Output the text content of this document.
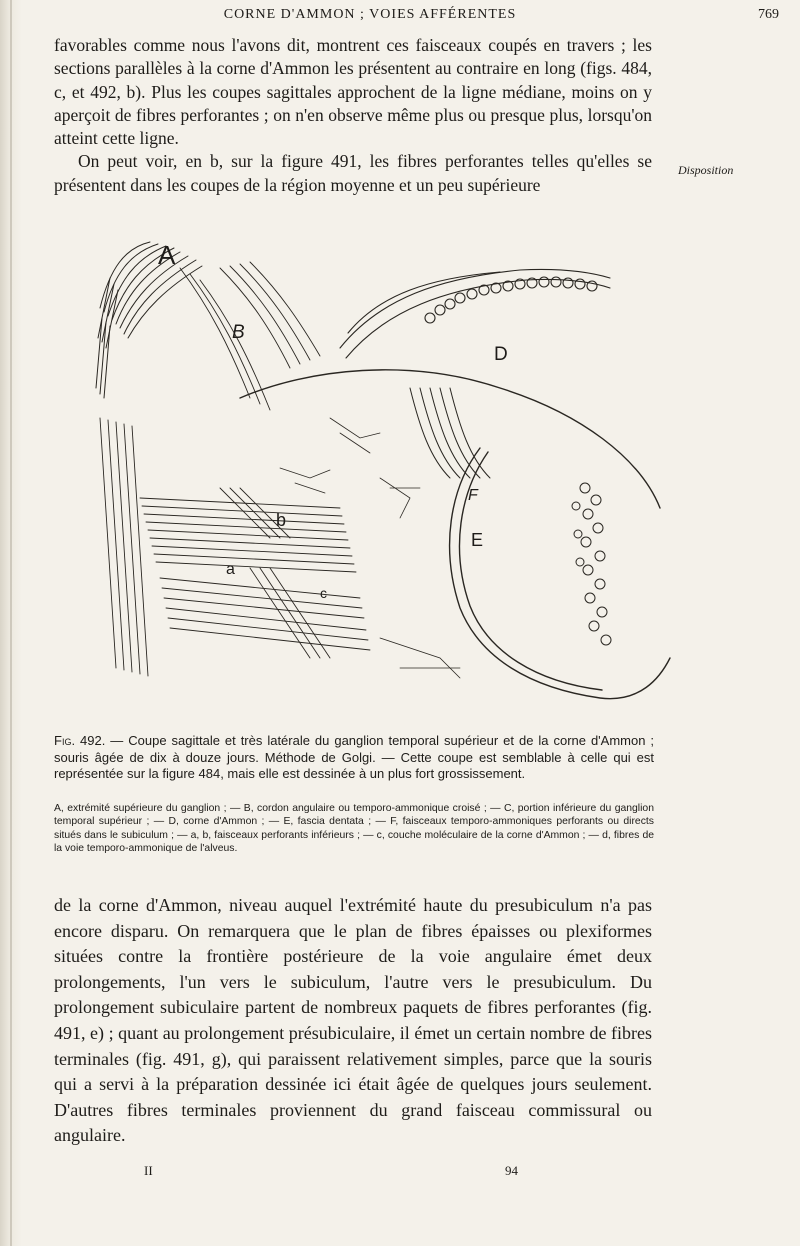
CORNE D'AMMON ; VOIES AFFÉRENTES	769

favorables comme nous l'avons dit, montrent ces faisceaux coupés en travers ; les sections parallèles à la corne d'Ammon les présentent au contraire en long (figs. 484, c, et 492, b). Plus les coupes sagittales approchent de la ligne médiane, moins on y aperçoit de fibres perforantes ; on n'en observe même plus ou presque plus, lorsqu'on atteint cette ligne.

On peut voir, en b, sur la figure 491, les fibres perforantes telles qu'elles se présentent dans les coupes de la région moyenne et un peu supérieure

Disposition
A
B
D
E
F
a
b
c

Fig. 492. — Coupe sagittale et très latérale du ganglion temporal supérieur et de la corne d'Ammon ; souris âgée de dix à douze jours. Méthode de Golgi. — Cette coupe est semblable à celle qui est représentée sur la figure 484, mais elle est dessinée à un plus fort grossissement.

A, extrémité supérieure du ganglion ; — B, cordon angulaire ou temporo-ammonique croisé ; — C, portion inférieure du ganglion temporal supérieur ; — D, corne d'Ammon ; — E, fascia dentata ; — F, faisceaux temporo-ammoniques perforants ou directs situés dans le subiculum ; — a, b, faisceaux perforants inférieurs ; — c, couche moléculaire de la corne d'Ammon ; — d, fibres de la voie temporo-ammonique de l'alveus.

de la corne d'Ammon, niveau auquel l'extrémité haute du presubiculum n'a pas encore disparu. On remarquera que le plan de fibres épaisses ou plexiformes situées contre la frontière postérieure de la voie angulaire émet deux prolongements, l'un vers le subiculum, l'autre vers le presubiculum. Du prolongement subiculaire partent de nombreux paquets de fibres perforantes (fig. 491, e) ; quant au prolongement présubiculaire, il émet un certain nombre de fibres terminales (fig. 491, g), qui paraissent relativement simples, parce que la souris qui a servi à la préparation dessinée ici était âgée de quelques jours seulement. D'autres fibres terminales proviennent du grand faisceau commissural ou angulaire.

II	94
